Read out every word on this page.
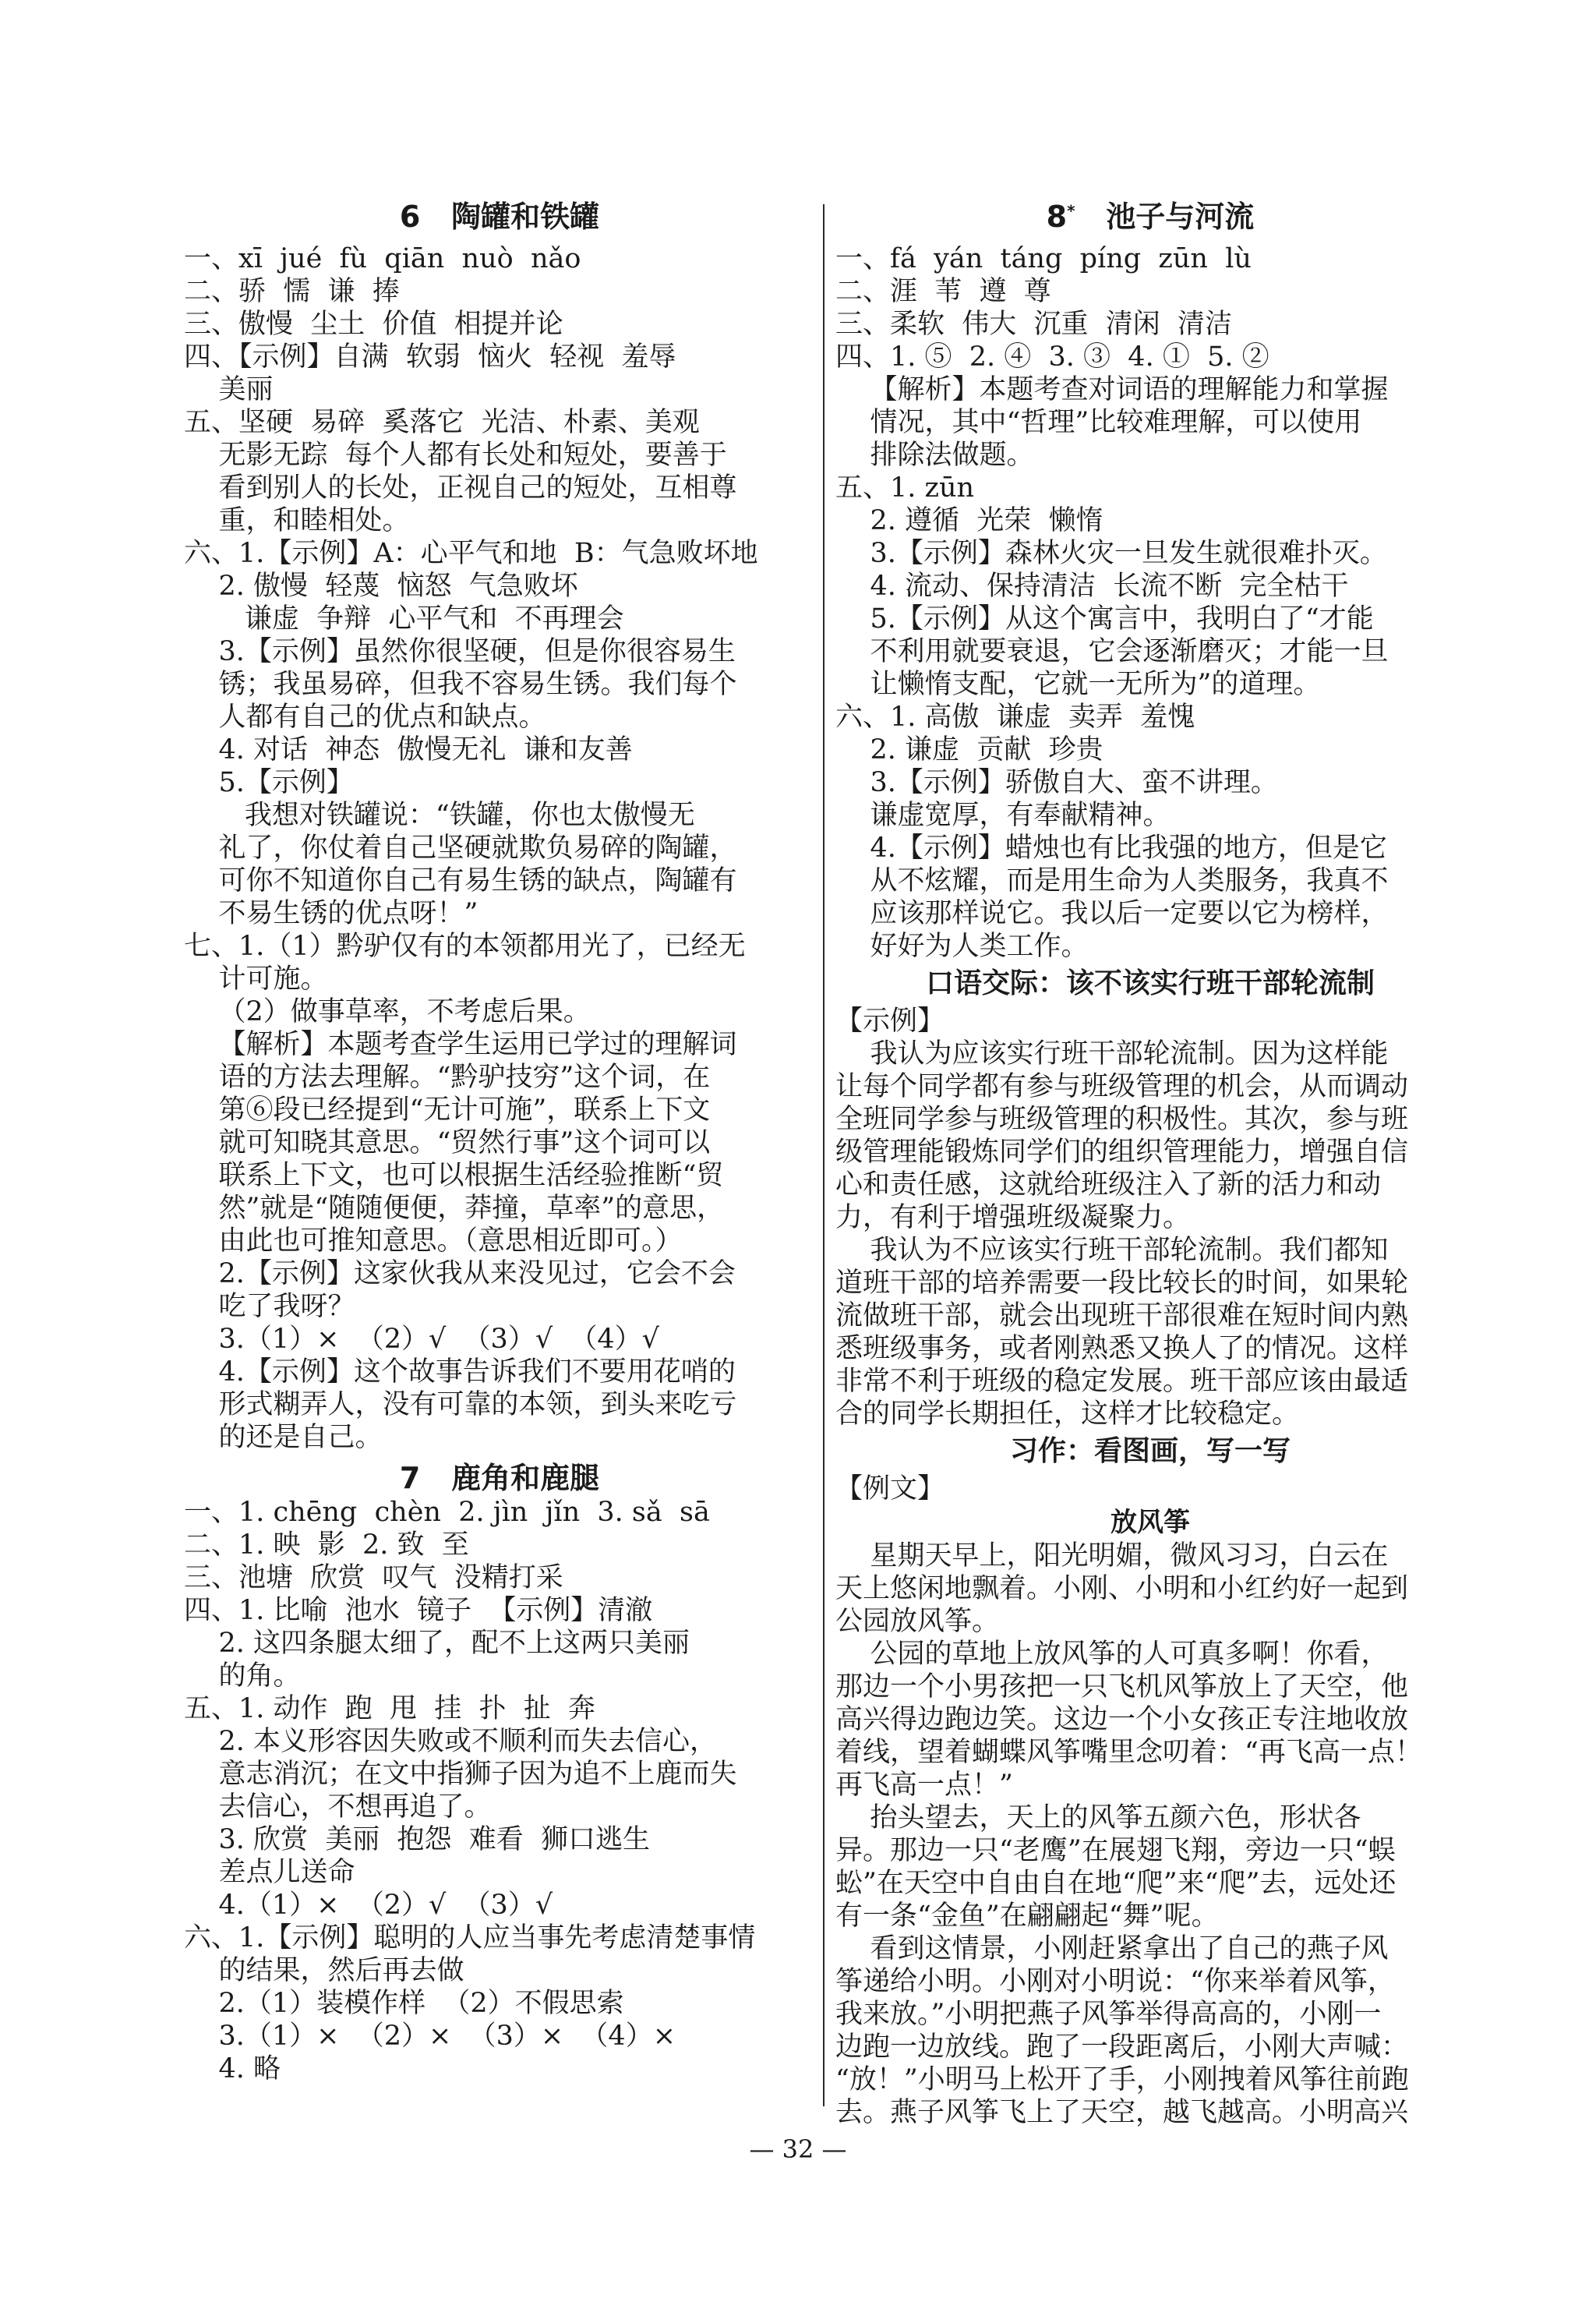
6 陶罐和铁罐
一、xī  jué  fù  qiān  nuò  nǎo
二、骄  懦  谦  捧
三、傲慢  尘土  价值  相提并论
四、【示例】自满  软弱  恼火  轻视  羞辱
美丽
五、坚硬  易碎  奚落它  光洁、朴素、美观
无影无踪  每个人都有长处和短处，要善于
看到别人的长处，正视自己的短处，互相尊
重，和睦相处。
六、1.【示例】A：心平气和地  B：气急败坏地
2. 傲慢  轻蔑  恼怒  气急败坏
谦虚  争辩  心平气和  不再理会
3.【示例】虽然你很坚硬，但是你很容易生
锈；我虽易碎，但我不容易生锈。我们每个
人都有自己的优点和缺点。
4. 对话  神态  傲慢无礼  谦和友善
5.【示例】
我想对铁罐说：“铁罐，你也太傲慢无
礼了，你仗着自己坚硬就欺负易碎的陶罐，
可你不知道你自己有易生锈的缺点，陶罐有
不易生锈的优点呀！”
七、1.（1）黔驴仅有的本领都用光了，已经无
计可施。
（2）做事草率，不考虑后果。
【解析】本题考查学生运用已学过的理解词
语的方法去理解。“黔驴技穷”这个词，在
第⑥段已经提到“无计可施”，联系上下文
就可知晓其意思。“贸然行事”这个词可以
联系上下文，也可以根据生活经验推断“贸
然”就是“随随便便，莽撞，草率”的意思，
由此也可推知意思。（意思相近即可。）
2.【示例】这家伙我从来没见过，它会不会
吃了我呀？
3.（1）×  （2）√  （3）√  （4）√
4.【示例】这个故事告诉我们不要用花哨的
形式糊弄人，没有可靠的本领，到头来吃亏
的还是自己。
7 鹿角和鹿腿
一、1. chēng  chèn  2. jìn  jǐn  3. sǎ  sā
二、1. 映  影  2. 致  至
三、池塘  欣赏  叹气  没精打采
四、1. 比喻  池水  镜子  【示例】清澈
2. 这四条腿太细了，配不上这两只美丽
的角。
五、1. 动作  跑  甩  挂  扑  扯  奔
2. 本义形容因失败或不顺利而失去信心，
意志消沉；在文中指狮子因为追不上鹿而失
去信心，不想再追了。
3. 欣赏  美丽  抱怨  难看  狮口逃生
差点儿送命
4.（1）×  （2）√  （3）√
六、1.【示例】聪明的人应当事先考虑清楚事情
的结果，然后再去做
2.（1）装模作样  （2）不假思索
3.（1）×  （2）×  （3）×  （4）×
4. 略
8* 池子与河流
一、fá  yán  táng  píng  zūn  lù
二、涯  苇  遵  尊
三、柔软  伟大  沉重  清闲  清洁
四、1. ⑤  2. ④  3. ③  4. ①  5. ②
【解析】本题考查对词语的理解能力和掌握
情况，其中“哲理”比较难理解，可以使用
排除法做题。
五、1. zūn
2. 遵循  光荣  懒惰
3.【示例】森林火灾一旦发生就很难扑灭。
4. 流动、保持清洁  长流不断  完全枯干
5.【示例】从这个寓言中，我明白了“才能
不利用就要衰退，它会逐渐磨灭；才能一旦
让懒惰支配，它就一无所为”的道理。
六、1. 高傲  谦虚  卖弄  羞愧
2. 谦虚  贡献  珍贵
3.【示例】骄傲自大、蛮不讲理。
谦虚宽厚，有奉献精神。
4.【示例】蜡烛也有比我强的地方，但是它
从不炫耀，而是用生命为人类服务，我真不
应该那样说它。我以后一定要以它为榜样，
好好为人类工作。
口语交际：该不该实行班干部轮流制
【示例】
我认为应该实行班干部轮流制。因为这样能
让每个同学都有参与班级管理的机会，从而调动
全班同学参与班级管理的积极性。其次，参与班
级管理能锻炼同学们的组织管理能力，增强自信
心和责任感，这就给班级注入了新的活力和动
力，有利于增强班级凝聚力。
我认为不应该实行班干部轮流制。我们都知
道班干部的培养需要一段比较长的时间，如果轮
流做班干部，就会出现班干部很难在短时间内熟
悉班级事务，或者刚熟悉又换人了的情况。这样
非常不利于班级的稳定发展。班干部应该由最适
合的同学长期担任，这样才比较稳定。
习作：看图画，写一写
【例文】
放风筝
星期天早上，阳光明媚，微风习习，白云在
天上悠闲地飘着。小刚、小明和小红约好一起到
公园放风筝。
公园的草地上放风筝的人可真多啊！你看，
那边一个小男孩把一只飞机风筝放上了天空，他
高兴得边跑边笑。这边一个小女孩正专注地收放
着线，望着蝴蝶风筝嘴里念叨着：“再飞高一点！
再飞高一点！”
抬头望去，天上的风筝五颜六色，形状各
异。那边一只“老鹰”在展翅飞翔，旁边一只“蜈
蚣”在天空中自由自在地“爬”来“爬”去，远处还
有一条“金鱼”在翩翩起“舞”呢。
看到这情景，小刚赶紧拿出了自己的燕子风
筝递给小明。小刚对小明说：“你来举着风筝，
我来放。”小明把燕子风筝举得高高的，小刚一
边跑一边放线。跑了一段距离后，小刚大声喊：
“放！”小明马上松开了手，小刚拽着风筝往前跑
去。燕子风筝飞上了天空，越飞越高。小明高兴
— 32 —
